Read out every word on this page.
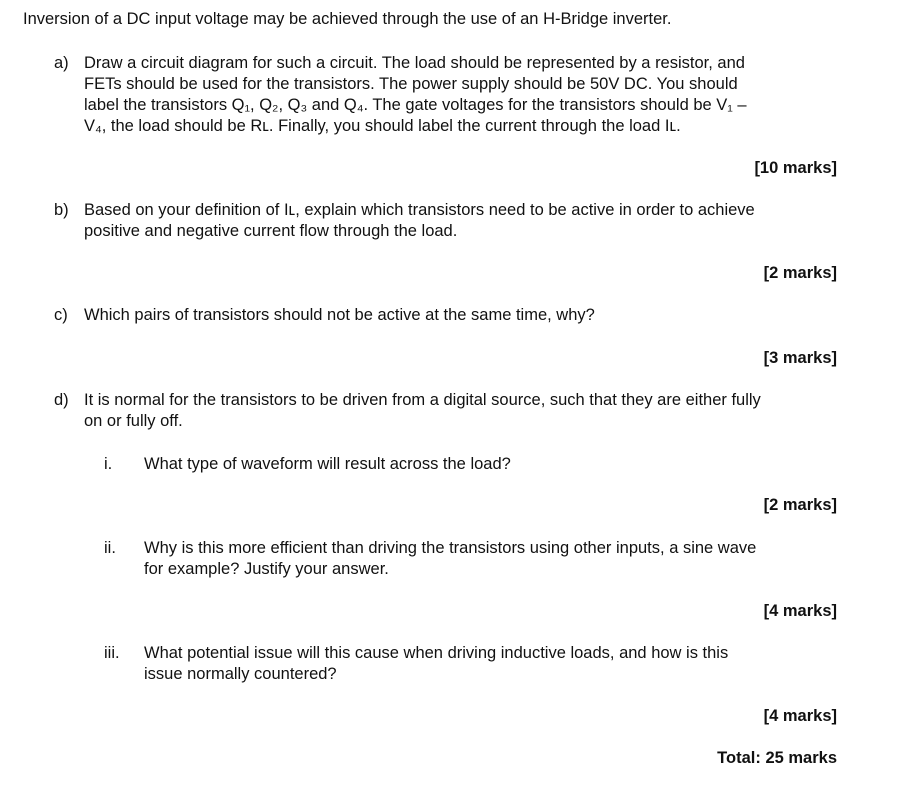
Inversion of a DC input voltage may be achieved through the use of an H-Bridge inverter.
a) Draw a circuit diagram for such a circuit. The load should be represented by a resistor, and
FETs should be used for the transistors. The power supply should be 50V DC. You should
label the transistors Q₁, Q₂, Q₃ and Q₄. The gate voltages for the transistors should be V₁ –
V₄, the load should be Rʟ. Finally, you should label the current through the load Iʟ.
[10 marks]
b) Based on your definition of Iʟ, explain which transistors need to be active in order to achieve
positive and negative current flow through the load.
[2 marks]
c) Which pairs of transistors should not be active at the same time, why?
[3 marks]
d) It is normal for the transistors to be driven from a digital source, such that they are either fully
on or fully off.
i. What type of waveform will result across the load?
[2 marks]
ii. Why is this more efficient than driving the transistors using other inputs, a sine wave
for example? Justify your answer.
[4 marks]
iii. What potential issue will this cause when driving inductive loads, and how is this
issue normally countered?
[4 marks]
Total: 25 marks
